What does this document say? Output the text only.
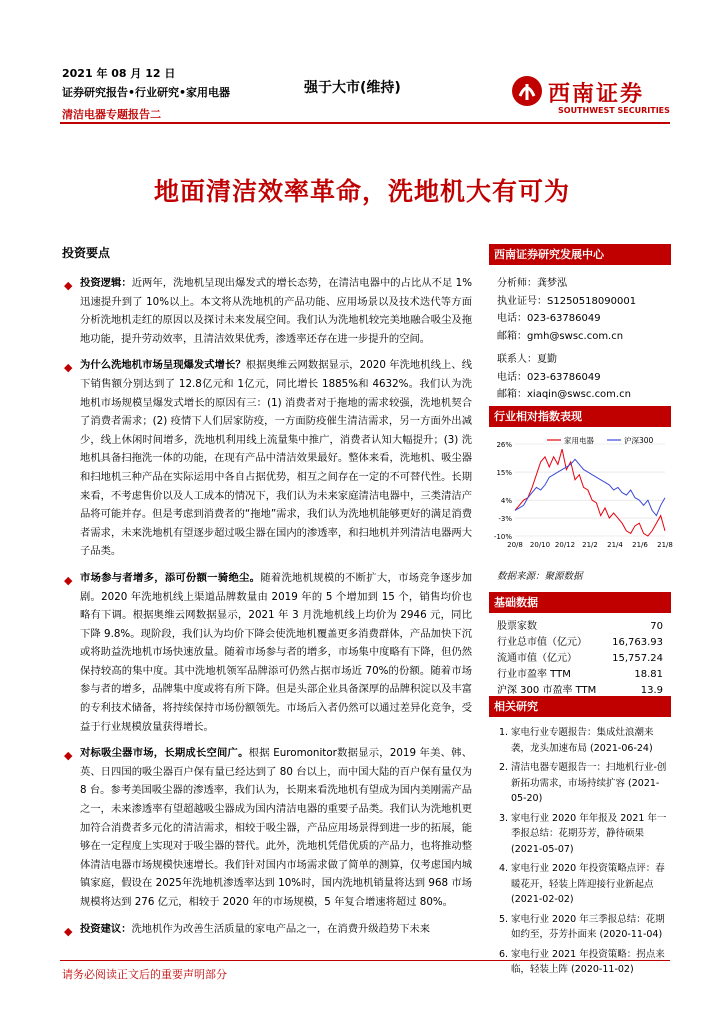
2021 年 08 月 12 日
证券研究报告•行业研究•家用电器
清洁电器专题报告二
强于大市(维持)	西南证券
SOUTHWEST SECURITIES
地面清洁效率革命，洗地机大有可为
投资要点
◆ 投资逻辑：近两年，洗地机呈现出爆发式的增长态势，在清洁电器中的占比从不足 1%迅速提升到了 10%以上。本文将从洗地机的产品功能、应用场景以及技术迭代等方面分析洗地机走红的原因以及探讨未来发展空间。我们认为洗地机较完美地融合吸尘及拖地功能，提升劳动效率，且清洁效果优秀，渗透率还存在进一步提升的空间。
◆ 为什么洗地机市场呈现爆发式增长？根据奥维云网数据显示，2020 年洗地机线上、线下销售额分别达到了 12.8亿元和 1亿元，同比增长 1885%和 4632%。我们认为洗地机市场规模呈爆发式增长的原因有三：(1) 消费者对于拖地的需求较强，洗地机契合了消费者需求；(2) 疫情下人们居家防疫，一方面防疫催生清洁需求，另一方面外出减少，线上休闲时间增多，洗地机利用线上流量集中推广，消费者认知大幅提升；(3) 洗地机具备扫拖洗一体的功能，在现有产品中清洁效果最好。整体来看，洗地机、吸尘器和扫地机三种产品在实际运用中各自占据优势，相互之间存在一定的不可替代性。长期来看，不考虑售价以及人工成本的情况下，我们认为未来家庭清洁电器中，三类清洁产品将可能并存。但是考虑到消费者的“拖地”需求，我们认为洗地机能够更好的满足消费者需求，未来洗地机有望逐步超过吸尘器在国内的渗透率，和扫地机并列清洁电器两大子品类。
◆ 市场参与者增多，添可份额一骑绝尘。随着洗地机规模的不断扩大，市场竞争逐步加剧。2020 年洗地机线上渠道品牌数量由 2019 年的 5 个增加到 15 个，销售均价也略有下调。根据奥维云网数据显示，2021 年 3 月洗地机线上均价为 2946 元，同比下降 9.8%。现阶段，我们认为均价下降会使洗地机覆盖更多消费群体，产品加快下沉或将助益洗地机市场快速放量。随着市场参与者的增多，市场集中度略有下降，但仍然保持较高的集中度。其中洗地机领军品牌添可仍然占据市场近 70%的份额。随着市场参与者的增多，品牌集中度或将有所下降。但是头部企业具备深厚的品牌积淀以及丰富的专利技术储备，将持续保持市场份额领先。市场后入者仍然可以通过差异化竞争，受益于行业规模放量获得增长。
◆ 对标吸尘器市场，长期成长空间广。根据 Euromonitor数据显示，2019 年美、韩、英、日四国的吸尘器百户保有量已经达到了 80 台以上，而中国大陆的百户保有量仅为 8 台。参考美国吸尘器的渗透率，我们认为，长期来看洗地机有望成为国内美刚需产品之一，未来渗透率有望超越吸尘器成为国内清洁电器的重要子品类。我们认为洗地机更加符合消费者多元化的清洁需求，相较于吸尘器，产品应用场景得到进一步的拓展，能够在一定程度上实现对于吸尘器的替代。此外，洗地机凭借优质的产品力，也将推动整体清洁电器市场规模快速增长。我们针对国内市场需求做了简单的测算，仅考虑国内城镇家庭，假设在 2025年洗地机渗透率达到 10%时，国内洗地机销量将达到 968 市场规模将达到 276 亿元，相较于 2020 年的市场规模，5 年复合增速将超过 80%。
◆ 投资建议：洗地机作为改善生活质量的家电产品之一，在消费升级趋势下未来
西南证券研究发展中心
分析师：龚梦泓
执业证号：S1250518090001
电话：023-63786049
邮箱：gmh@swsc.com.cn
联系人：夏勤
电话：023-63786049
邮箱：xiaqin@swsc.com.cn
行业相对指数表现
26%
15%
4%
-3%
-10%
20/8 20/10 20/12 21/2 21/4 21/6 21/8
家用电器	沪深300
数据来源：聚源数据
基础数据
股票家数	70
行业总市值（亿元）	16,763.93
流通市值（亿元）	15,757.24
行业市盈率 TTM	18.81
沪深 300 市盈率 TTM	13.9
相关研究
1. 家电行业专题报告：集成灶浪潮来袭，龙头加速布局 (2021-06-24)
2. 清洁电器专题报告一：扫地机行业-创新拓功需求，市场持续扩容 (2021-05-20)
3. 家电行业 2020 年年报及 2021 年一季报总结：花期芬芳，静待硕果 (2021-05-07)
4. 家电行业 2020 年投资策略点评：春暖花开，轻装上阵迎接行业新起点 (2021-02-02)
5. 家电行业 2020 年三季报总结：花期如约至，芬芳扑面来 (2020-11-04)
6. 家电行业 2021 年投资策略：拐点来临，轻装上阵 (2020-11-02)
请务必阅读正文后的重要声明部分
